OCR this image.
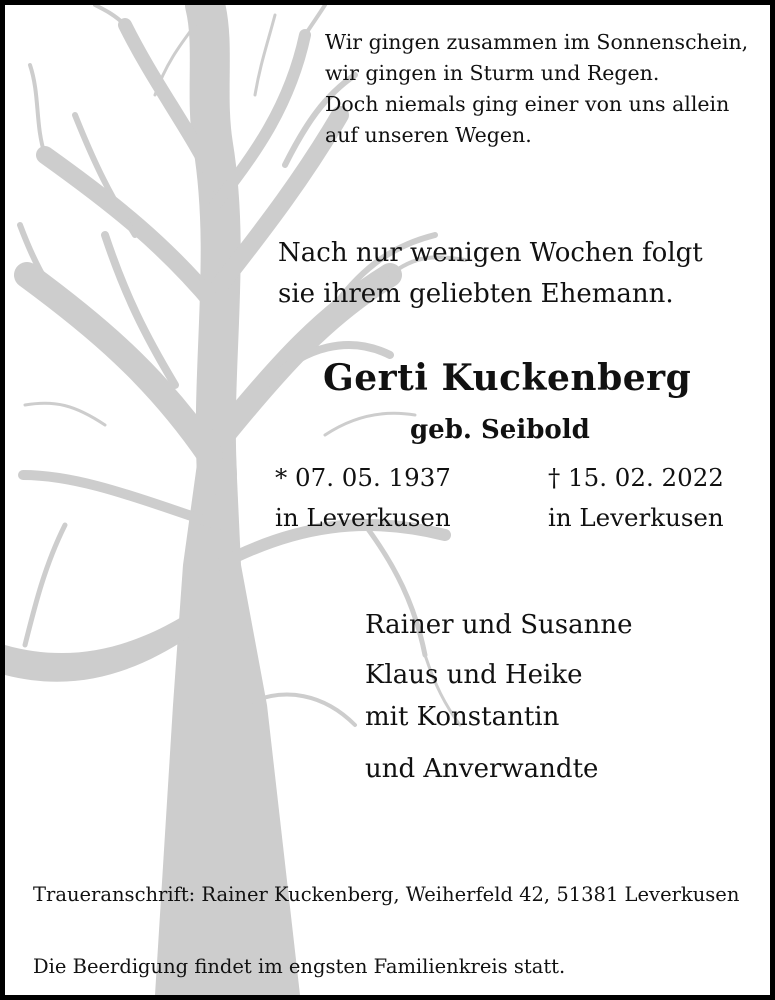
Wir gingen zusammen im Sonnenschein,
wir gingen in Sturm und Regen.
Doch niemals ging einer von uns allein
auf unseren Wegen.
Nach nur wenigen Wochen folgt
sie ihrem geliebten Ehemann.
Gerti Kuckenberg
geb. Seibold
* 07. 05. 1937
in Leverkusen
† 15. 02. 2022
in Leverkusen
Rainer und Susanne
Klaus und Heike
mit Konstantin
und Anverwandte
Traueranschrift: Rainer Kuckenberg, Weiherfeld 42, 51381 Leverkusen
Die Beerdigung findet im engsten Familienkreis statt.
